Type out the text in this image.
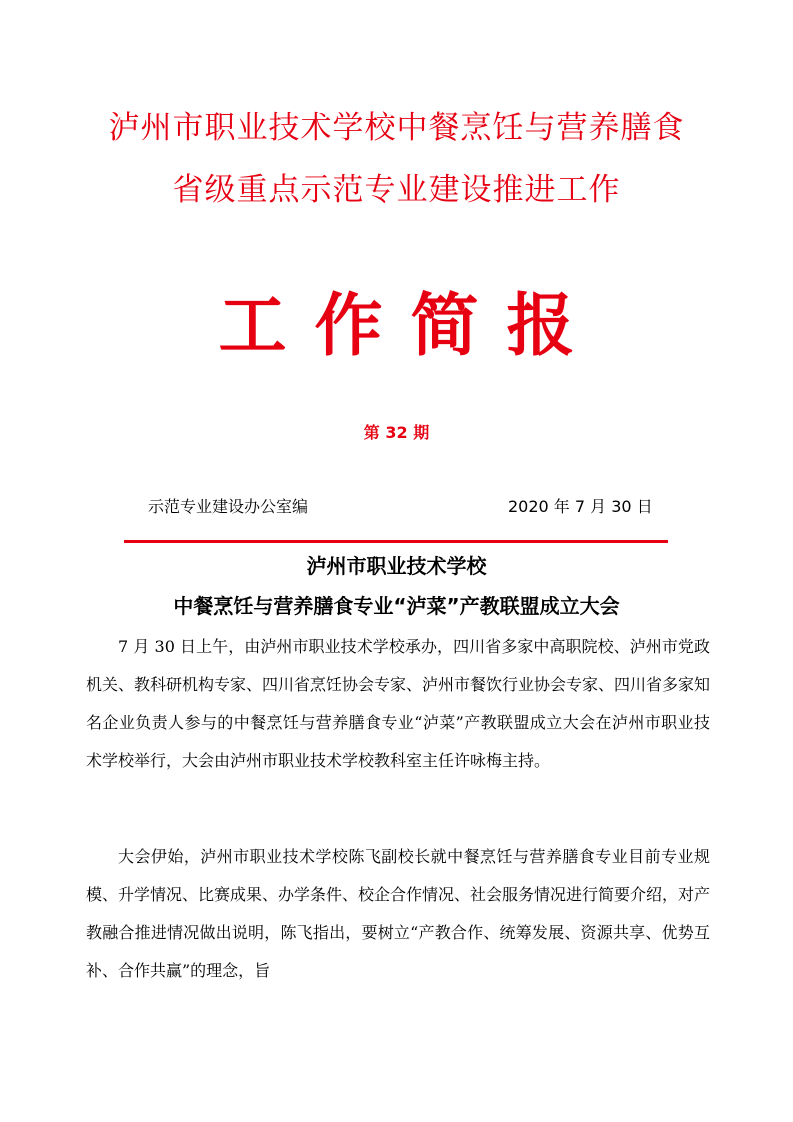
泸州市职业技术学校中餐烹饪与营养膳食
省级重点示范专业建设推进工作
工作简报
第 32 期
示范专业建设办公室编	2020 年 7 月 30 日
泸州市职业技术学校
中餐烹饪与营养膳食专业“泸菜”产教联盟成立大会

7 月 30 日上午，由泸州市职业技术学校承办，四川省多家中高职院校、泸州市党政机关、教科研机构专家、四川省烹饪协会专家、泸州市餐饮行业协会专家、四川省多家知名企业负责人参与的中餐烹饪与营养膳食专业“泸菜”产教联盟成立大会在泸州市职业技术学校举行，大会由泸州市职业技术学校教科室主任许咏梅主持。

大会伊始，泸州市职业技术学校陈飞副校长就中餐烹饪与营养膳食专业目前专业规模、升学情况、比赛成果、办学条件、校企合作情况、社会服务情况进行简要介绍，对产教融合推进情况做出说明，陈飞指出，要树立“产教合作、统筹发展、资源共享、优势互补、合作共赢”的理念，旨
